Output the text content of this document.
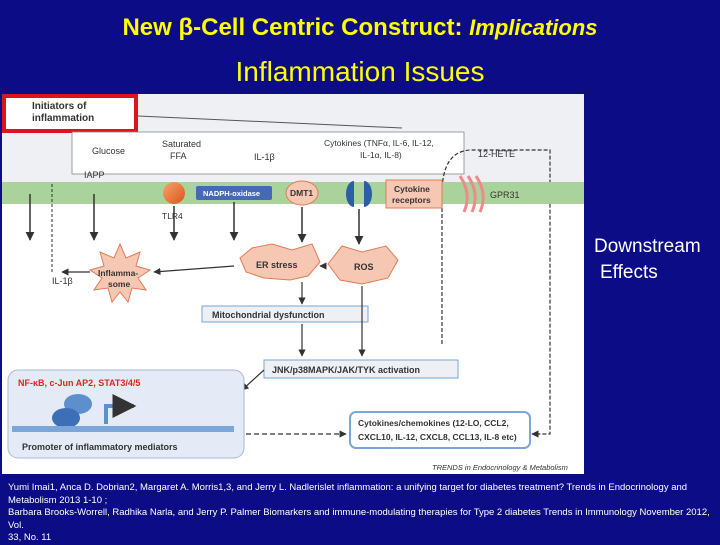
New β-Cell Centric Construct: Implications
Inflammation Issues
Initiators of
inflammation
Glucose
Saturated
FFA	IL-1β
Cytokines (TNFα, IL-6, IL-12,
IL-1α, IL-8)	12-HETE
IAPP
TLR4
NADPH-oxidase	DMT1	Cytokine
receptors	GPR31
IL-1β
Inflamma-
some
ER stress	ROS
Mitochondrial dysfunction
JNK/p38MAPK/JAK/TYK activation
NF-κB, c-Jun AP2, STAT3/4/5
Promoter of inflammatory mediators
Cytokines/chemokines (12-LO, CCL2,
CXCL10, IL-12, CXCL8, CCL13, IL-8 etc)
TRENDS in Endocrinology & Metabolism
Downstream
Effects
Yumi Imai1, Anca D. Dobrian2, Margaret A. Morris1,3, and Jerry L. Nadlerislet inflammation: a unifying target for diabetes treatment? Trends in Endocrinology and
Metabolism 2013 1-10 ;
Barbara Brooks-Worrell, Radhika Narla, and Jerry P. Palmer Biomarkers and immune-modulating therapies for Type 2 diabetes Trends in Immunology November 2012, Vol.
33, No. 11
